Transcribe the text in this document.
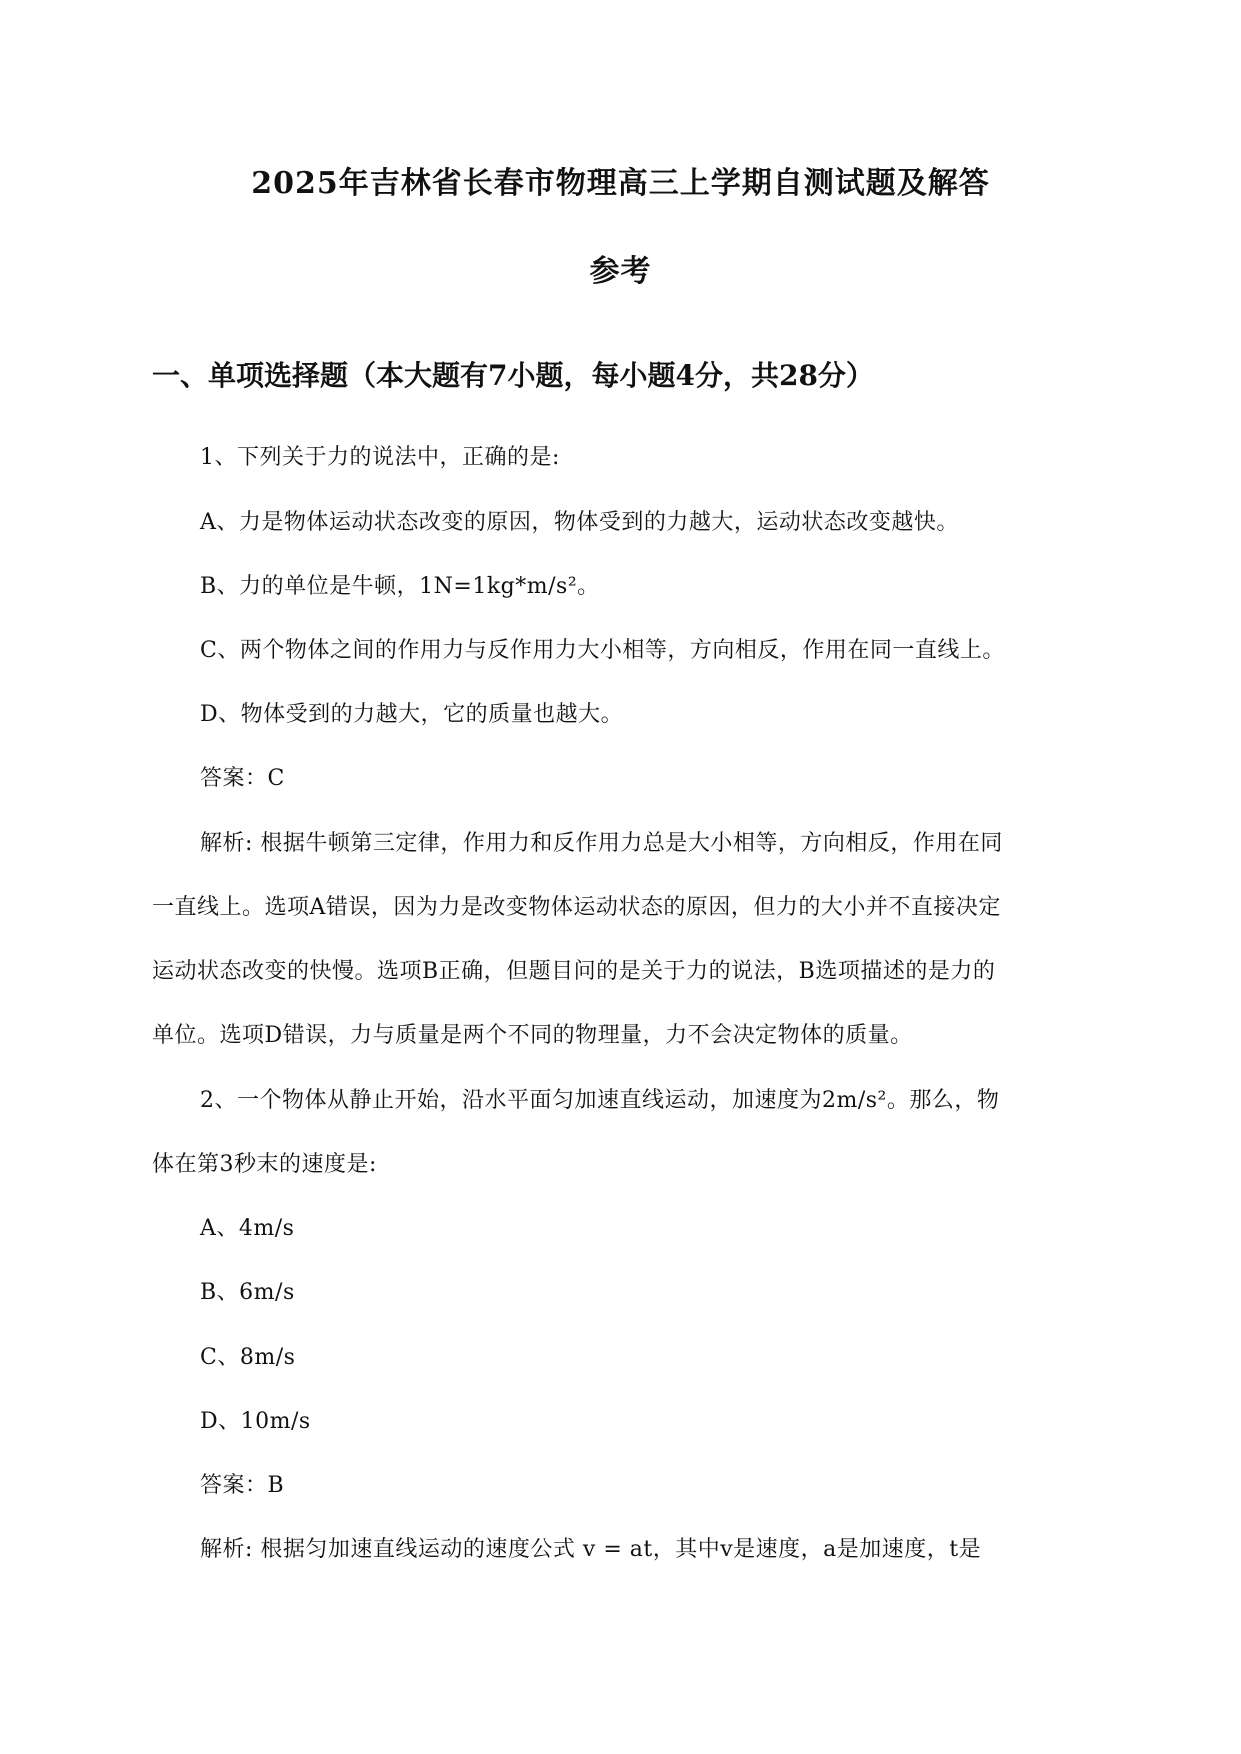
2025年吉林省长春市物理高三上学期自测试题及解答
参考
一、单项选择题（本大题有7小题，每小题4分，共28分）
1、下列关于力的说法中，正确的是:
A、力是物体运动状态改变的原因，物体受到的力越大，运动状态改变越快。
B、力的单位是牛顿，1N=1kg*m/s²。
C、两个物体之间的作用力与反作用力大小相等，方向相反，作用在同一直线上。
D、物体受到的力越大，它的质量也越大。
答案：C
解析: 根据牛顿第三定律，作用力和反作用力总是大小相等，方向相反，作用在同
一直线上。选项A错误，因为力是改变物体运动状态的原因，但力的大小并不直接决定
运动状态改变的快慢。选项B正确，但题目问的是关于力的说法，B选项描述的是力的
单位。选项D错误，力与质量是两个不同的物理量，力不会决定物体的质量。
2、一个物体从静止开始，沿水平面匀加速直线运动，加速度为2m/s²。那么，物
体在第3秒末的速度是:
A、4m/s
B、6m/s
C、8m/s
D、10m/s
答案：B
解析: 根据匀加速直线运动的速度公式 v = at，其中v是速度，a是加速度，t是
